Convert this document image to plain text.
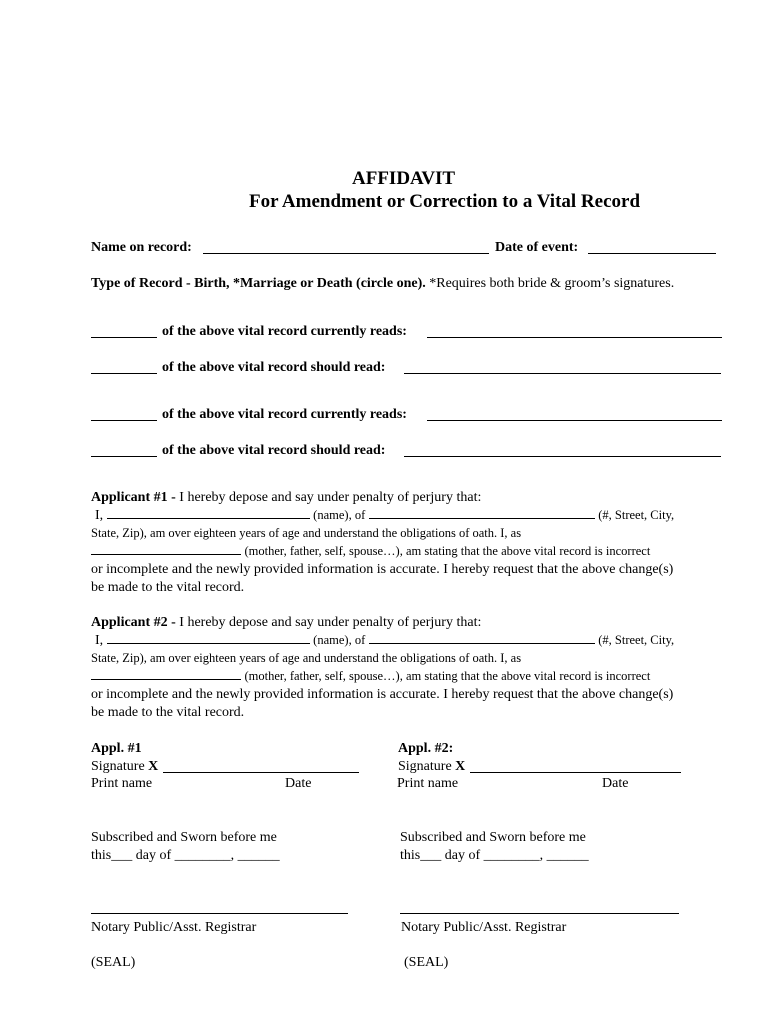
AFFIDAVIT
For Amendment or Correction to a Vital Record
Name on record:	Date of event:
Type of Record - Birth, *Marriage or Death (circle one). *Requires both bride & groom’s signatures.
of the above vital record currently reads:
of the above vital record should read:
of the above vital record currently reads:
of the above vital record should read:
Applicant #1 - I hereby depose and say under penalty of perjury that:
I,	(name), of	(#, Street, City,
State, Zip), am over eighteen years of age and understand the obligations of oath. I, as
(mother, father, self, spouse…), am stating that the above vital record is incorrect
or incomplete and the newly provided information is accurate. I hereby request that the above change(s)
be made to the vital record.
Applicant #2 - I hereby depose and say under penalty of perjury that:
I,	(name), of	(#, Street, City,
State, Zip), am over eighteen years of age and understand the obligations of oath. I, as
(mother, father, self, spouse…), am stating that the above vital record is incorrect
or incomplete and the newly provided information is accurate. I hereby request that the above change(s)
be made to the vital record.
Appl. #1
Signature X
Print name	Date
Appl. #2:
Signature X
Print name	Date
Subscribed and Sworn before me
this___ day of ________, ______
Notary Public/Asst. Registrar
(SEAL)
Subscribed and Sworn before me
this___ day of ________, ______
Notary Public/Asst. Registrar
(SEAL)
